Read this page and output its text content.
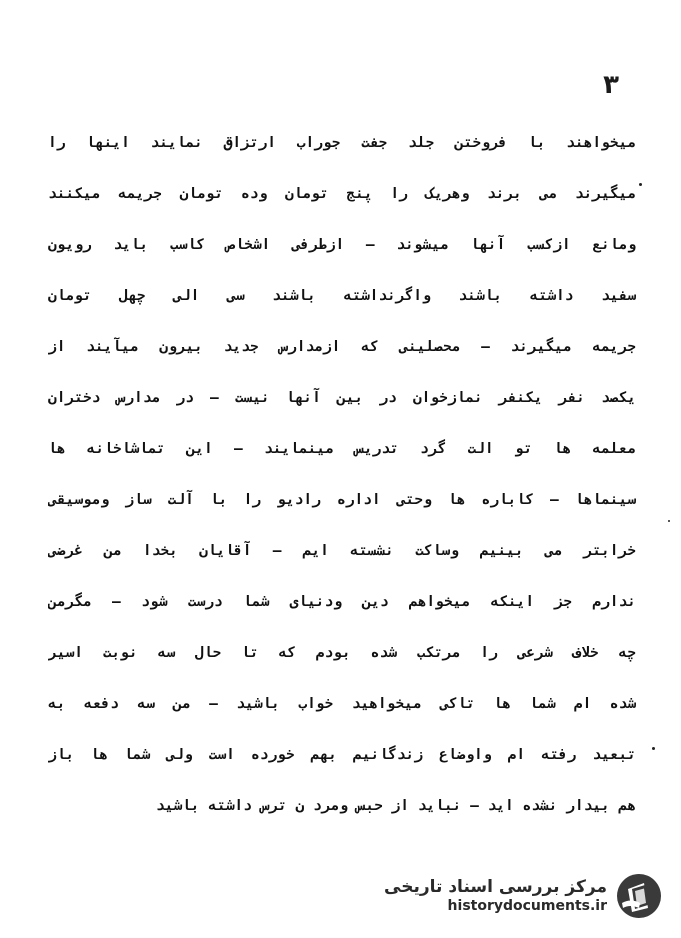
۳
میخواهند با فروختن جلد جفت جوراب ارتزاق نمایند اینها را
میگیرند می برند وهریک را پنج تومان وده تومان جریمه میکنند
ومانع ازکسب آنها میشوند — ازطرفی اشخاص کاسب باید رویون
سفید داشته باشند واگرنداشته باشند سی الی چهل تومان
جریمه میگیرند — محصلینی که ازمدارس جدید بیرون میآیند از
یکصد نفر یکنفر نمازخوان در بین آنها نیست — در مدارس دختران
معلمه ها تو الت گرد تدریس مینمایند — این تماشاخانه ها
سینماها — کاباره ها وحتی اداره رادیو را با آلت ساز وموسیقی
خرابتر می بینیم وساکت نشسته ایم — آقایان بخدا من غرضی
ندارم جز اینکه میخواهم دین ودنیای شما درست شود — مگرمن
چه خلاف شرعی را مرتکب شده بودم که تا حال سه نوبت اسیر
شده ام شما ها تاکی میخواهید خواب باشید — من سه دفعه به
تبعید رفته ام واوضاع زندگانیم بهم خورده است ولی شما ها باز
هم بیدار نشده اید — نباید از حبس ومرد ن ترس داشته باشید
مرکز بررسی اسناد تاریخی
historydocuments.ir
